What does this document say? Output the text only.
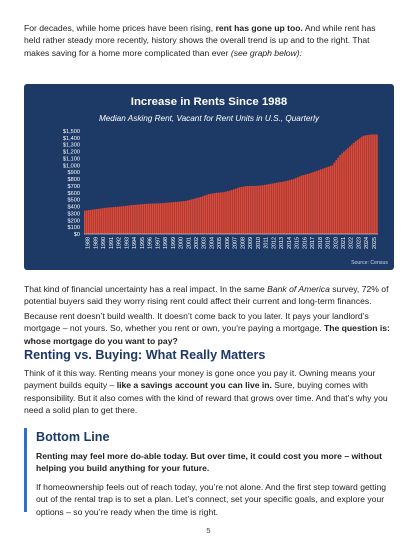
For decades, while home prices have been rising, rent has gone up too. And while rent has held rather steady more recently, history shows the overall trend is up and to the right. That makes saving for a home more complicated than ever (see graph below):

Increase in Rents Since 1988
Median Asking Rent, Vacant for Rent Units in U.S., Quarterly
$0
$100
$200
$300
$400
$500
$600
$700
$800
$900
$1,000
$1,100
$1,200
$1,300
$1,400
$1,500
1988 1989 1990 1991 1992 1993 1994 1995 1996 1997 1998 1999 2000 2001 2002 2003 2004 2005 2006 2007 2008 2009 2010 2011 2012 2013 2014 2015 2016 2017 2018 2019 2020 2021 2022 2023 2024 2025
Source: Census

That kind of financial uncertainty has a real impact. In the same Bank of America survey, 72% of potential buyers said they worry rising rent could affect their current and long-term finances.

Because rent doesn’t build wealth. It doesn’t come back to you later. It pays your landlord’s mortgage – not yours. So, whether you rent or own, you’re paying a mortgage. The question is: whose mortgage do you want to pay?

Renting vs. Buying: What Really Matters

Think of it this way. Renting means your money is gone once you pay it. Owning means your payment builds equity – like a savings account you can live in. Sure, buying comes with responsibility. But it also comes with the kind of reward that grows over time. And that’s why you need a solid plan to get there.

Bottom Line

Renting may feel more do-able today. But over time, it could cost you more – without helping you build anything for your future.

If homeownership feels out of reach today, you’re not alone. And the first step toward getting out of the rental trap is to set a plan. Let’s connect, set your specific goals, and explore your options – so you’re ready when the time is right.

5
